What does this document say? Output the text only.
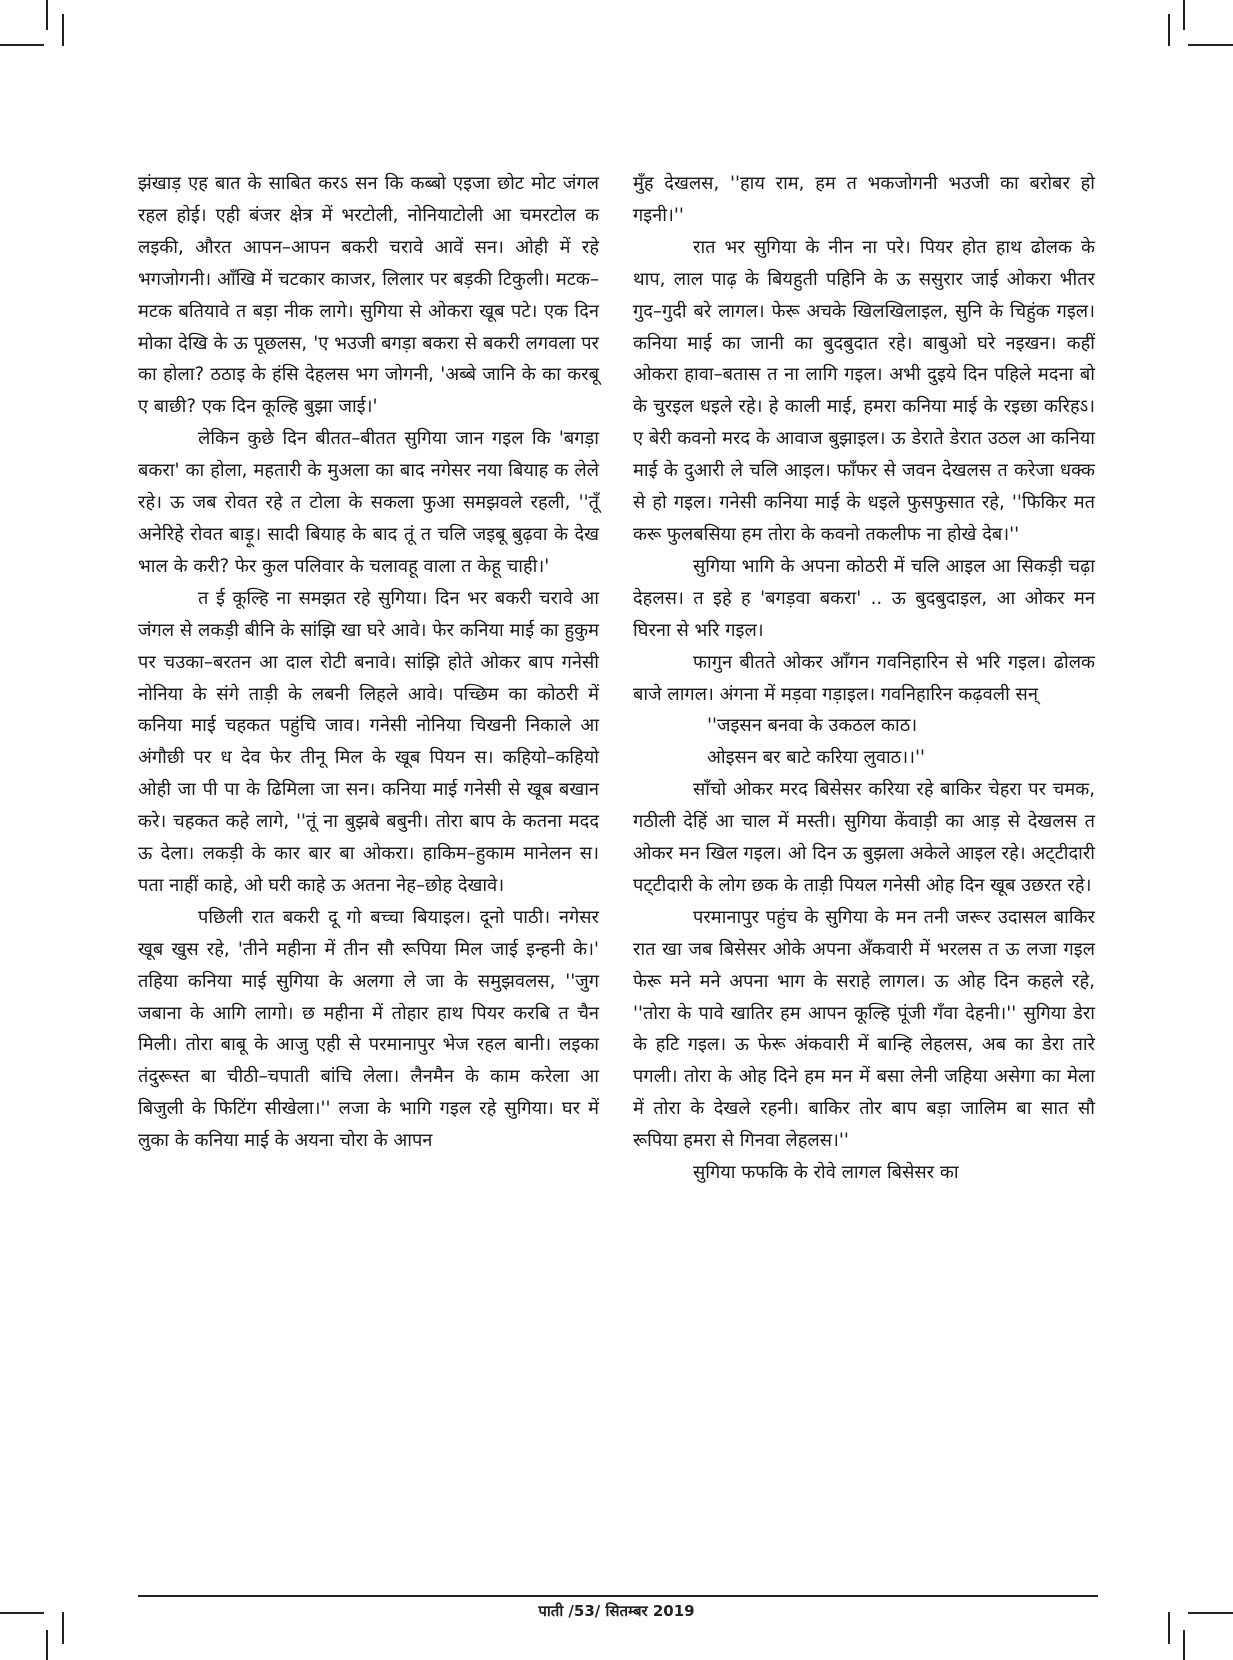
झंखाड़ एह बात के साबित करऽ सन कि कब्बो एइजा छोट मोट जंगल रहल होई। एही बंजर क्षेत्र में भरटोली, नोनियाटोली आ चमरटोल क लइकी, औरत आपन–आपन बकरी चरावे आवें सन। ओही में रहे भगजोगनी। आँखि में चटकार काजर, लिलार पर बड़की टिकुली। मटक–मटक बतियावे त बड़ा नीक लागे। सुगिया से ओकरा खूब पटे। एक दिन मोका देखि के ऊ पूछलस, 'ए भउजी बगड़ा बकरा से बकरी लगवला पर का होला? ठठाइ के हंसि देहलस भग जोगनी, 'अब्बे जानि के का करबू ए बाछी? एक दिन कूल्हि बुझा जाई।'

लेकिन कुछे दिन बीतत–बीतत सुगिया जान गइल कि 'बगड़ा बकरा' का होला, महतारी के मुअला का बाद नगेसर नया बियाह क लेले रहे। ऊ जब रोवत रहे त टोला के सकला फुआ समझवले रहली, ''तूँ अनेरिहे रोवत बाड़ू। सादी बियाह के बाद तूं त चलि जइबू बुढ़वा के देख भाल के करी? फेर कुल पलिवार के चलावहू वाला त केहू चाही।'

त ई कूल्हि ना समझत रहे सुगिया। दिन भर बकरी चरावे आ जंगल से लकड़ी बीनि के सांझि खा घरे आवे। फेर कनिया माई का हुकुम पर चउका–बरतन आ दाल रोटी बनावे। सांझि होते ओकर बाप गनेसी नोनिया के संगे ताड़ी के लबनी लिहले आवे। पच्छिम का कोठरी में कनिया माई चहकत पहुंचि जाव। गनेसी नोनिया चिखनी निकाले आ अंगौछी पर ध देव फेर तीनू मिल के खूब पियन स। कहियो–कहियो ओही जा पी पा के ढिमिला जा सन। कनिया माई गनेसी से खूब बखान करे। चहकत कहे लागे, ''तूं ना बुझबे बबुनी। तोरा बाप के कतना मदद ऊ देला। लकड़ी के कार बार बा ओकरा। हाकिम–हुकाम मानेलन स। पता नाहीं काहे, ओ घरी काहे ऊ अतना नेह–छोह देखावे।

पछिली रात बकरी दू गो बच्चा बियाइल। दूनो पाठी। नगेसर खूब खुस रहे, 'तीने महीना में तीन सौ रूपिया मिल जाई इन्हनी के।' तहिया कनिया माई सुगिया के अलगा ले जा के समुझवलस, ''जुग जबाना के आगि लागो। छ महीना में तोहार हाथ पियर करबि त चैन मिली। तोरा बाबू के आजु एही से परमानापुर भेज रहल बानी। लइका तंदुरूस्त बा चीठी–चपाती बांचि लेला। लैनमैन के काम करेला आ बिजुली के फिटिंग सीखेला।'' लजा के भागि गइल रहे सुगिया। घर में लुका के कनिया माई के अयना चोरा के आपन

मुँह देखलस, ''हाय राम, हम त भकजोगनी भउजी का बरोबर हो गइनी।''

रात भर सुगिया के नीन ना परे। पियर होत हाथ ढोलक के थाप, लाल पाढ़ के बियहुती पहिनि के ऊ ससुरार जाई ओकरा भीतर गुद–गुदी बरे लागल। फेरू अचके खिलखिलाइल, सुनि के चिहुंक गइल। कनिया माई का जानी का बुदबुदात रहे। बाबुओ घरे नइखन। कहीं ओकरा हावा–बतास त ना लागि गइल। अभी दुइये दिन पहिले मदना बो के चुरइल धइले रहे। हे काली माई, हमरा कनिया माई के रइछा करिहऽ। ए बेरी कवनो मरद के आवाज बुझाइल। ऊ डेराते डेरात उठल आ कनिया माई के दुआरी ले चलि आइल। फाँफर से जवन देखलस त करेजा धक्क से हो गइल। गनेसी कनिया माई के धइले फुसफुसात रहे, ''फिकिर मत करू फुलबसिया हम तोरा के कवनो तकलीफ ना होखे देब।''

सुगिया भागि के अपना कोठरी में चलि आइल आ सिकड़ी चढ़ा देहलस। त इहे ह 'बगड़वा बकरा' .. ऊ बुदबुदाइल, आ ओकर मन घिरना से भरि गइल।

फागुन बीतते ओकर आँगन गवनिहारिन से भरि गइल। ढोलक बाजे लागल। अंगना में मड़वा गड़ाइल। गवनिहारिन कढ़वली सन्

''जइसन बनवा के उकठल काठ।

ओइसन बर बाटे करिया लुवाठ।।''

साँचो ओकर मरद बिसेसर करिया रहे बाकिर चेहरा पर चमक, गठीली देहिं आ चाल में मस्ती। सुगिया केंवाड़ी का आड़ से देखलस त ओकर मन खिल गइल। ओ दिन ऊ बुझला अकेले आइल रहे। अट्‌टीदारी पट्‌टीदारी के लोग छक के ताड़ी पियल गनेसी ओह दिन खूब उछरत रहे।

परमानापुर पहुंच के सुगिया के मन तनी जरूर उदासल बाकिर रात खा जब बिसेसर ओके अपना अँकवारी में भरलस त ऊ लजा गइल फेरू मने मने अपना भाग के सराहे लागल। ऊ ओह दिन कहले रहे, ''तोरा के पावे खातिर हम आपन कूल्हि पूंजी गँवा देहनी।'' सुगिया डेरा के हटि गइल। ऊ फेरू अंकवारी में बान्हि लेहलस, अब का डेरा तारे पगली। तोरा के ओह दिने हम मन में बसा लेनी जहिया असेगा का मेला में तोरा के देखले रहनी। बाकिर तोर बाप बड़ा जालिम बा सात सौ रूपिया हमरा से गिनवा लेहलस।''

सुगिया फफकि के रोवे लागल बिसेसर का

पाती /53/ सितम्बर 2019
